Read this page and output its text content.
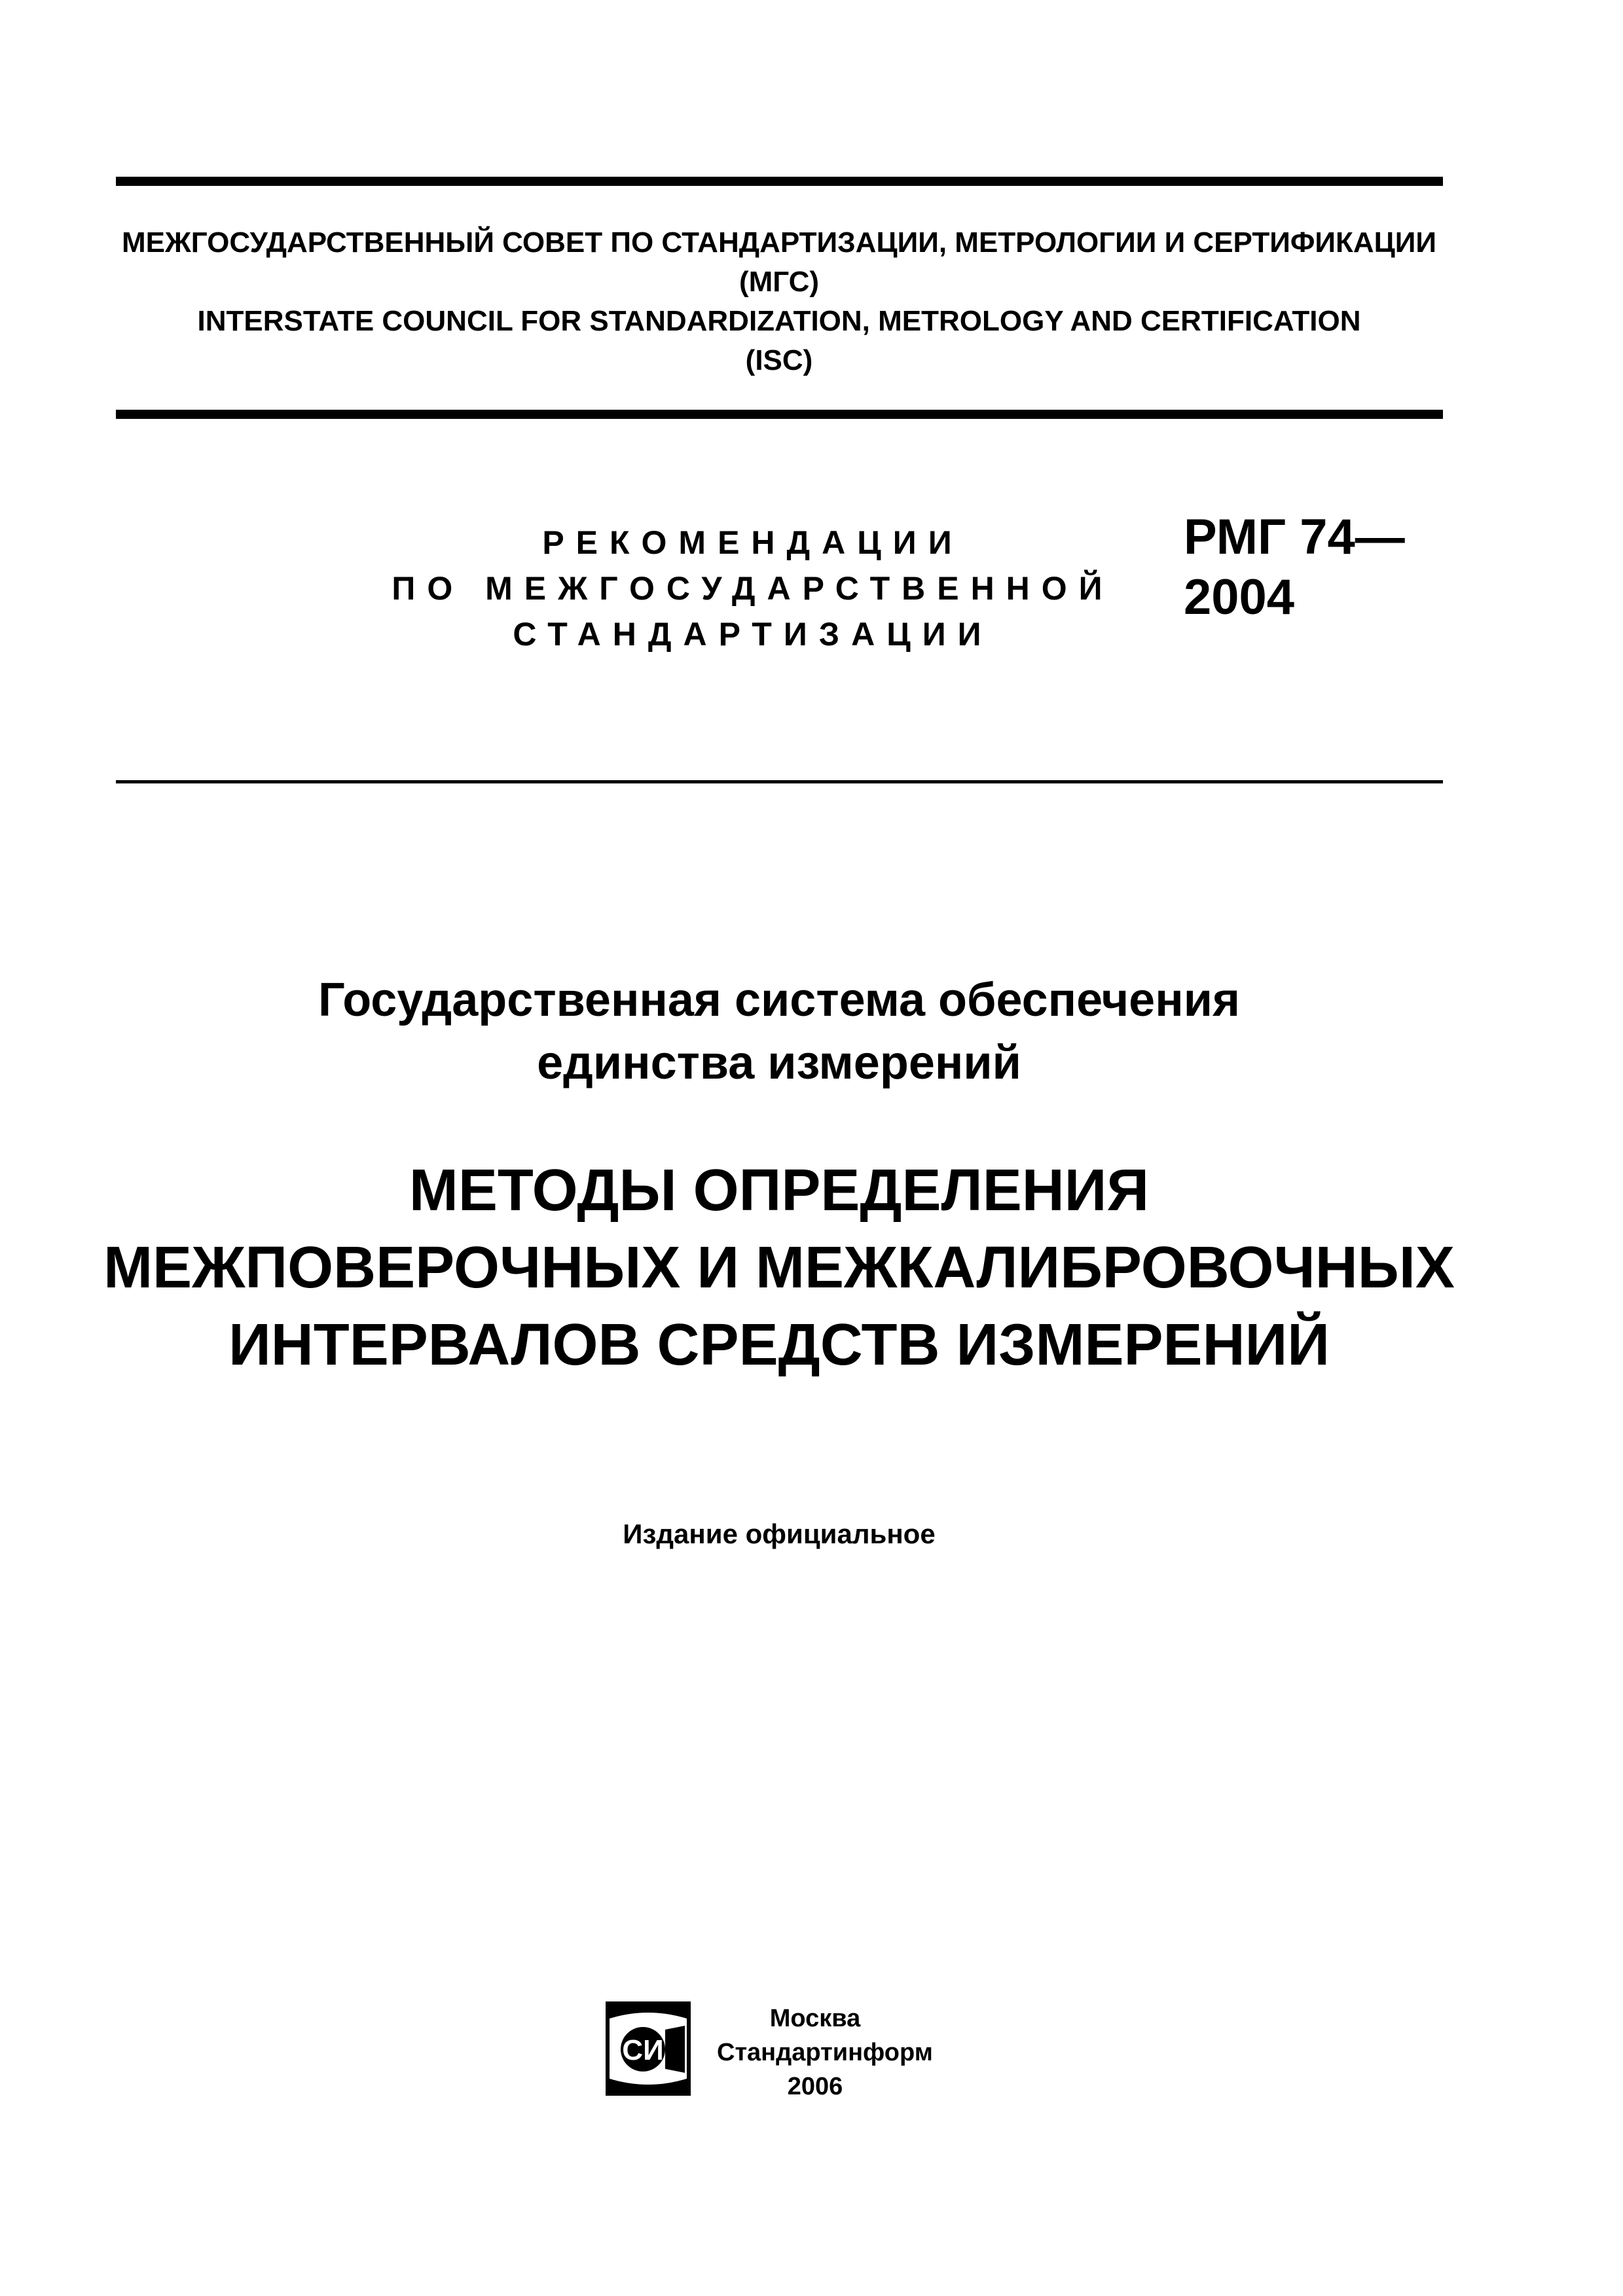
МЕЖГОСУДАРСТВЕННЫЙ СОВЕТ ПО СТАНДАРТИЗАЦИИ, МЕТРОЛОГИИ И СЕРТИФИКАЦИИ
(МГС)
INTERSTATE COUNCIL FOR STANDARDIZATION, METROLOGY AND CERTIFICATION
(ISC)
РЕКОМЕНДАЦИИ
ПО МЕЖГОСУДАРСТВЕННОЙ
СТАНДАРТИЗАЦИИ
РМГ 74—
2004
Государственная система обеспечения
единства измерений
МЕТОДЫ ОПРЕДЕЛЕНИЯ
МЕЖПОВЕРОЧНЫХ И МЕЖКАЛИБРОВОЧНЫХ
ИНТЕРВАЛОВ СРЕДСТВ ИЗМЕРЕНИЙ
Издание официальное
СИ
Москва
Стандартинформ
2006
